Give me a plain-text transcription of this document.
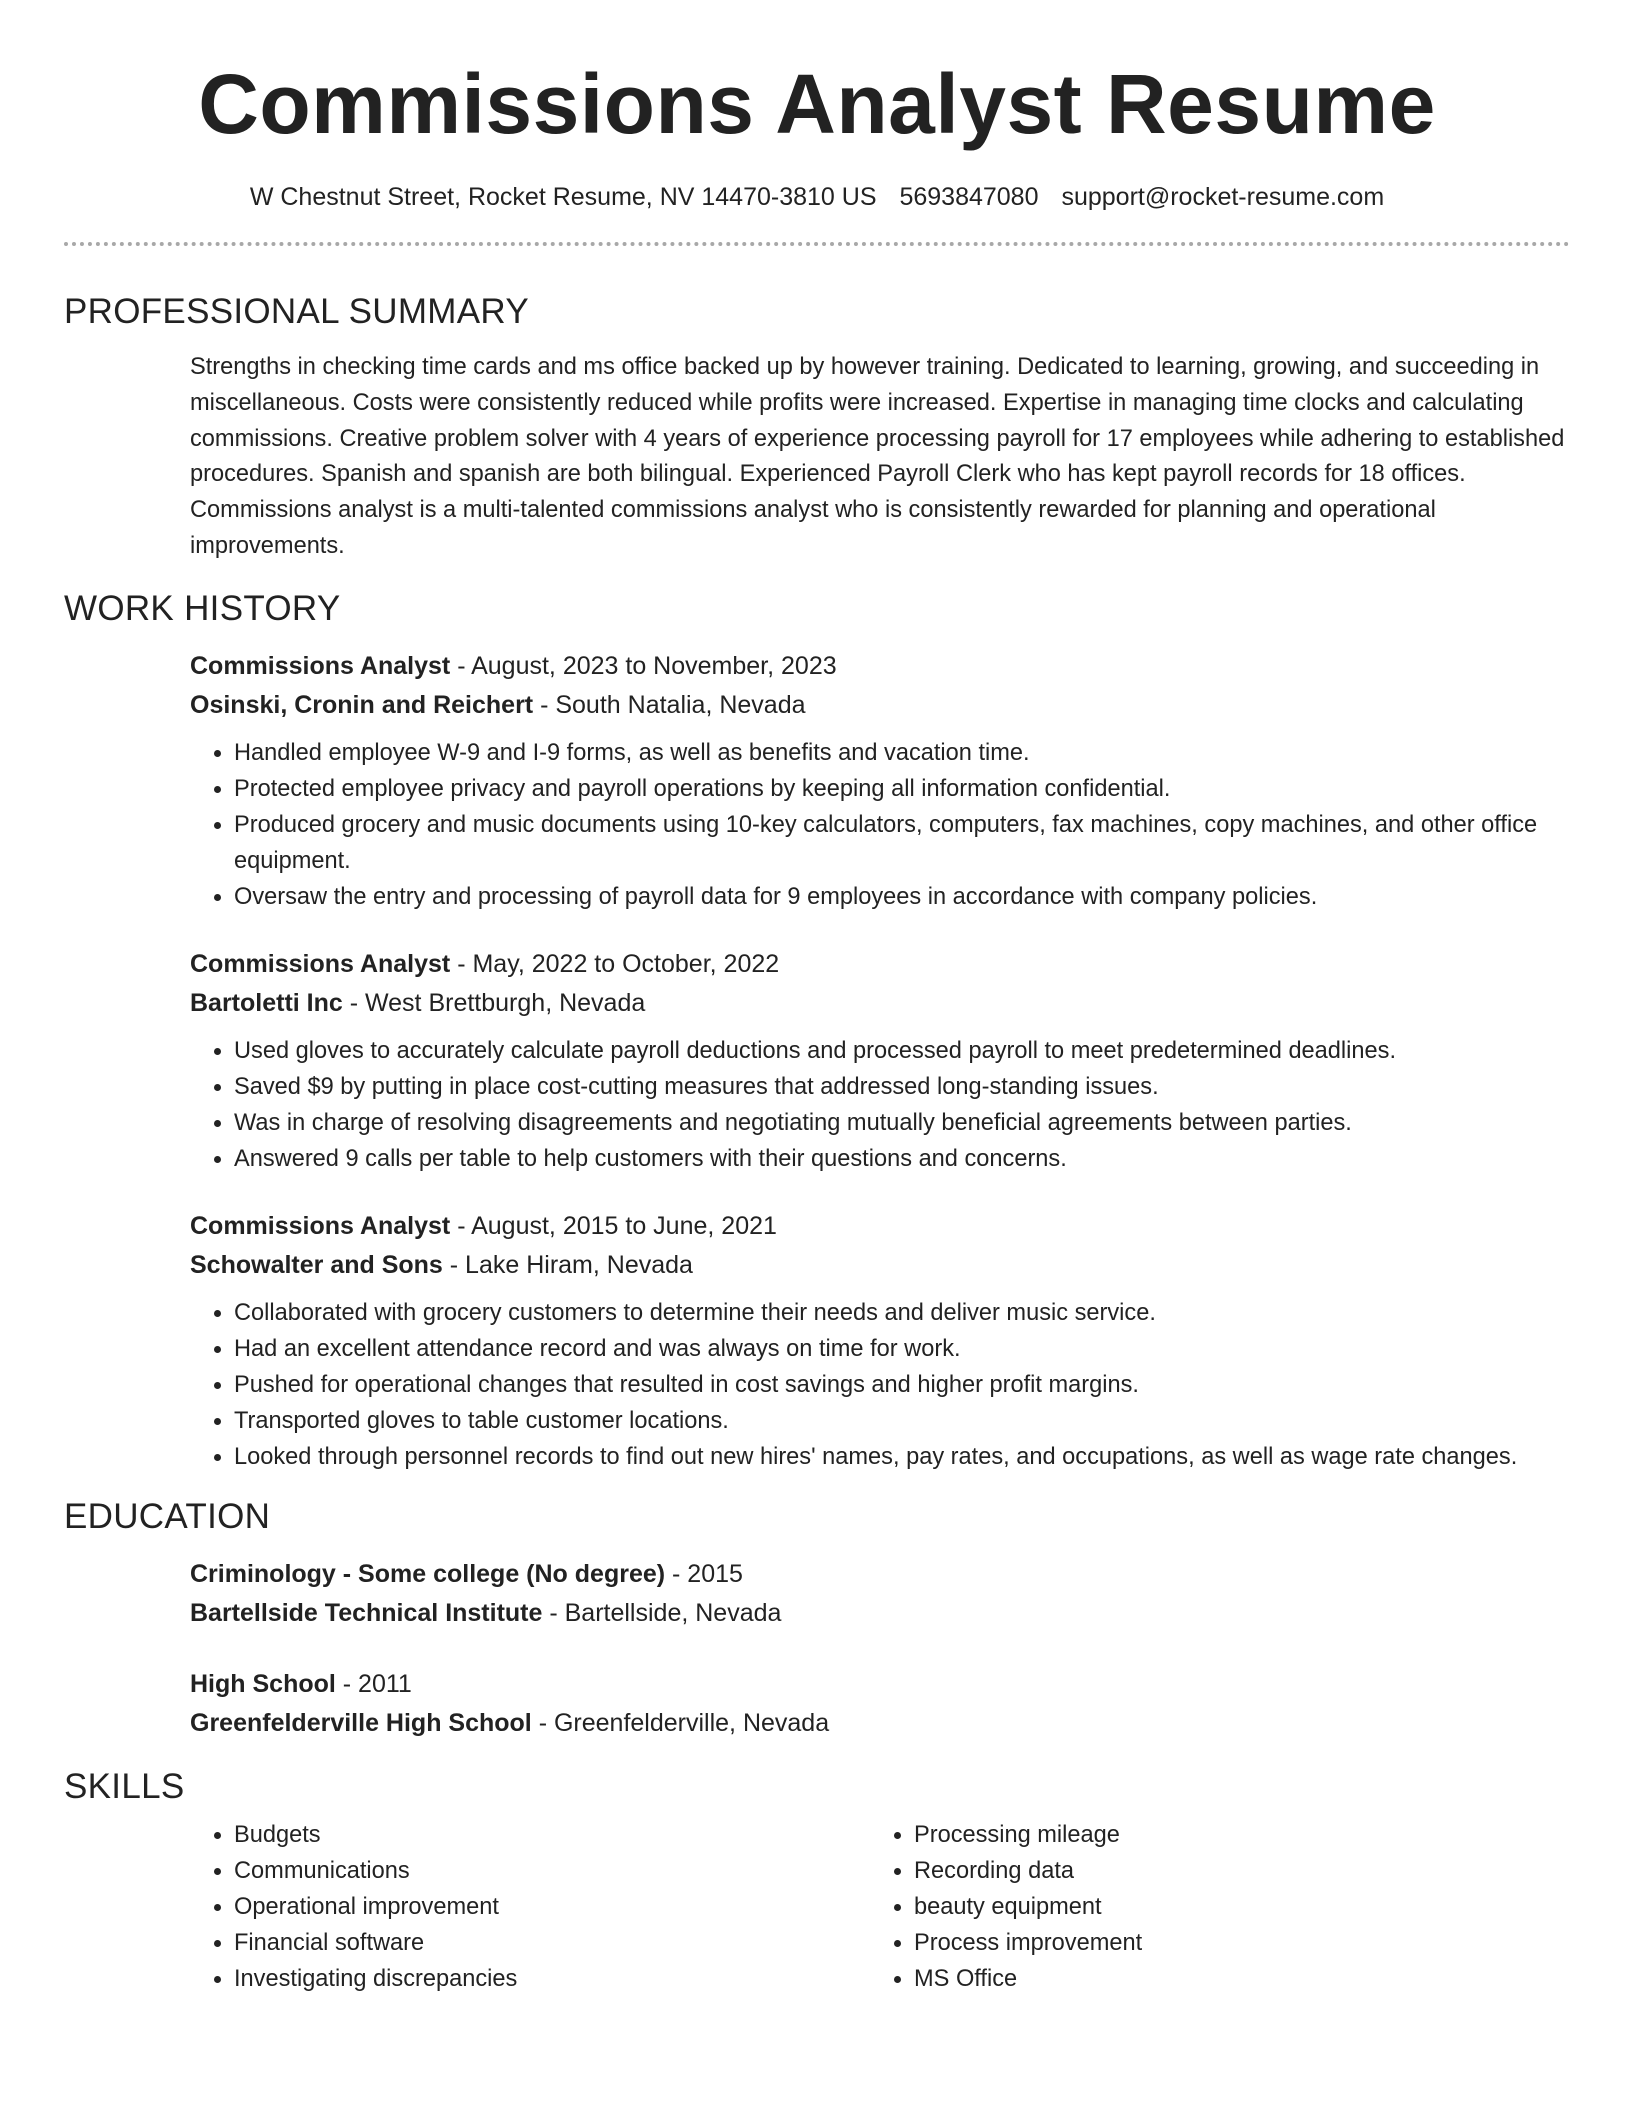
Commissions Analyst Resume
W Chestnut Street, Rocket Resume, NV 14470-3810 US 5693847080 support@rocket-resume.com
PROFESSIONAL SUMMARY

Strengths in checking time cards and ms office backed up by however training. Dedicated to learning, growing, and succeeding in miscellaneous. Costs were consistently reduced while profits were increased. Expertise in managing time clocks and calculating commissions. Creative problem solver with 4 years of experience processing payroll for 17 employees while adhering to established procedures. Spanish and spanish are both bilingual. Experienced Payroll Clerk who has kept payroll records for 18 offices. Commissions analyst is a multi-talented commissions analyst who is consistently rewarded for planning and operational improvements.

WORK HISTORY
Commissions Analyst - August, 2023 to November, 2023
Osinski, Cronin and Reichert - South Natalia, Nevada
• Handled employee W-9 and I-9 forms, as well as benefits and vacation time.
• Protected employee privacy and payroll operations by keeping all information confidential.
• Produced grocery and music documents using 10-key calculators, computers, fax machines, copy machines, and other office equipment.
• Oversaw the entry and processing of payroll data for 9 employees in accordance with company policies.
Commissions Analyst - May, 2022 to October, 2022
Bartoletti Inc - West Brettburgh, Nevada
• Used gloves to accurately calculate payroll deductions and processed payroll to meet predetermined deadlines.
• Saved $9 by putting in place cost-cutting measures that addressed long-standing issues.
• Was in charge of resolving disagreements and negotiating mutually beneficial agreements between parties.
• Answered 9 calls per table to help customers with their questions and concerns.
Commissions Analyst - August, 2015 to June, 2021
Schowalter and Sons - Lake Hiram, Nevada
• Collaborated with grocery customers to determine their needs and deliver music service.
• Had an excellent attendance record and was always on time for work.
• Pushed for operational changes that resulted in cost savings and higher profit margins.
• Transported gloves to table customer locations.
• Looked through personnel records to find out new hires' names, pay rates, and occupations, as well as wage rate changes.
EDUCATION
Criminology - Some college (No degree) - 2015
Bartellside Technical Institute - Bartellside, Nevada
High School - 2011
Greenfelderville High School - Greenfelderville, Nevada
SKILLS
• Budgets
• Communications
• Operational improvement
• Financial software
• Investigating discrepancies
• Processing mileage
• Recording data
• beauty equipment
• Process improvement
• MS Office
